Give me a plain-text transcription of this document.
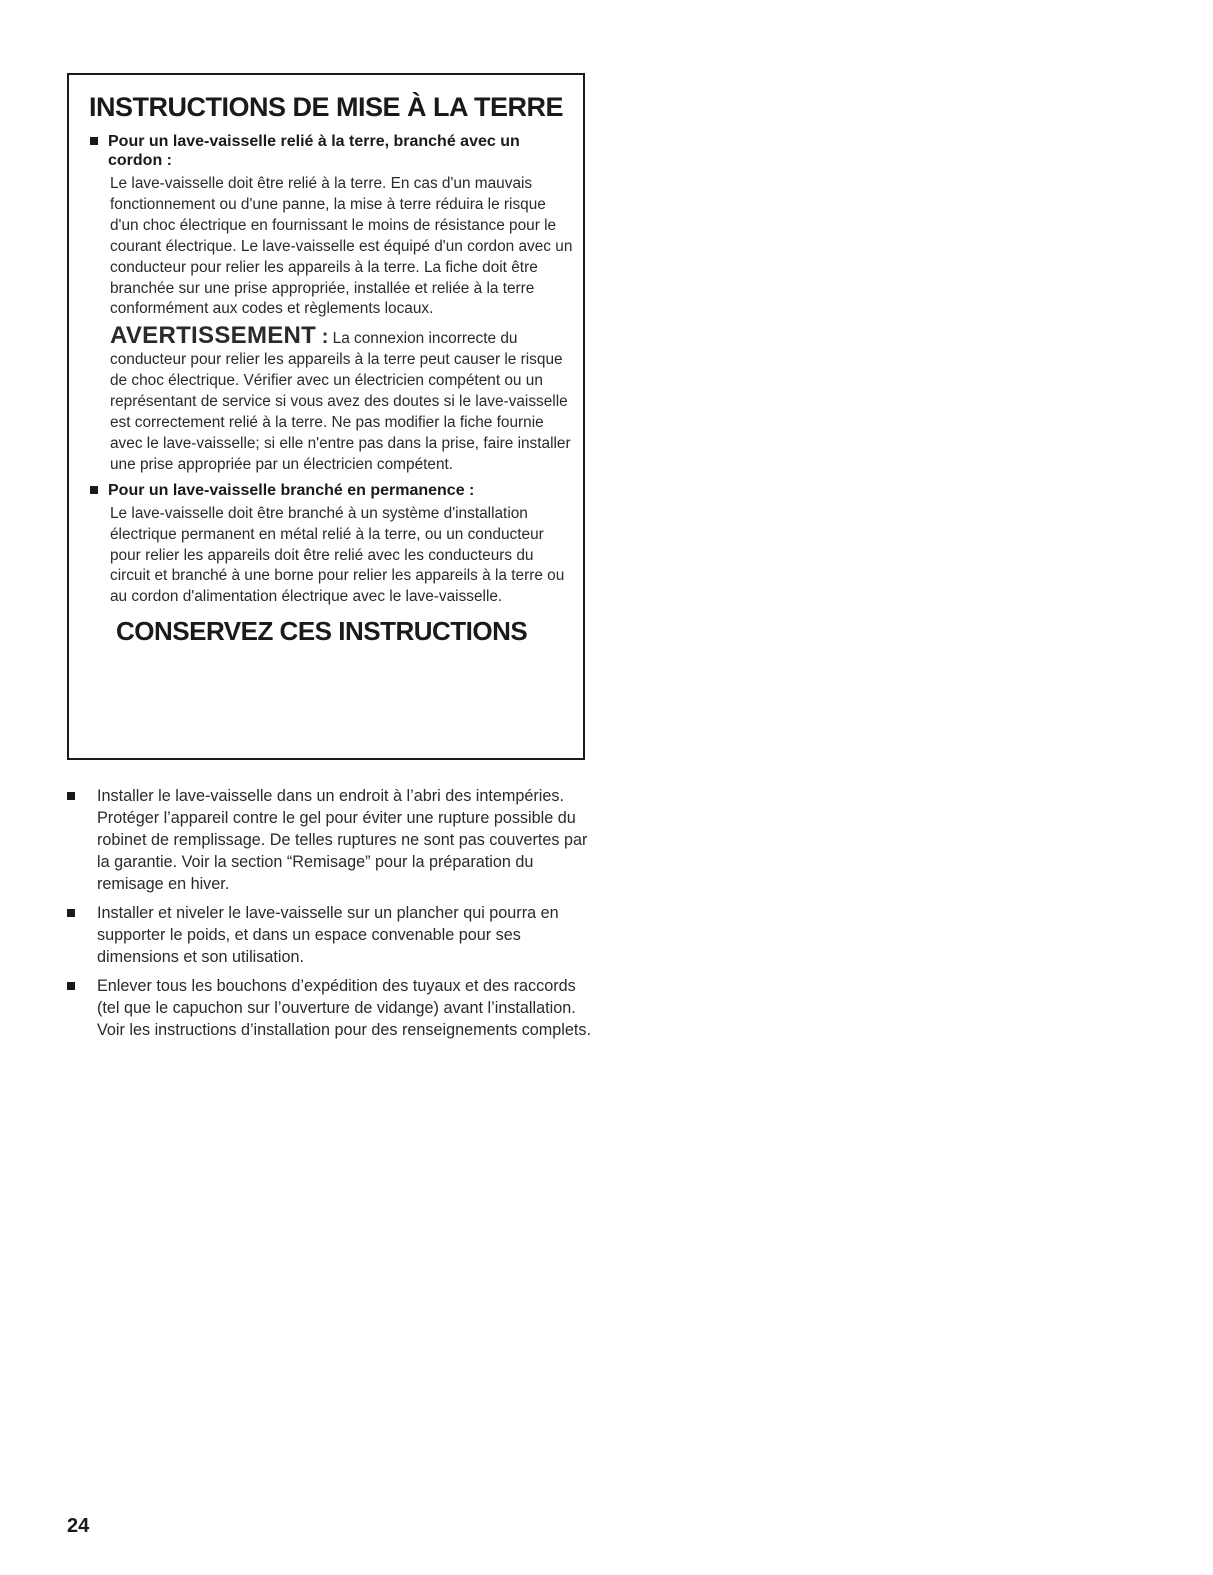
INSTRUCTIONS DE MISE À LA TERRE
Pour un lave-vaisselle relié à la terre, branché avec un cordon :
Le lave-vaisselle doit être relié à la terre. En cas d'un mauvais fonctionnement ou d'une panne, la mise à terre réduira le risque d'un choc électrique en fournissant le moins de résistance pour le courant électrique. Le lave-vaisselle est équipé d'un cordon avec un conducteur pour relier les appareils à la terre. La fiche doit être branchée sur une prise appropriée, installée et reliée à la terre conformément aux codes et règlements locaux.
AVERTISSEMENT : La connexion incorrecte du conducteur pour relier les appareils à la terre peut causer le risque de choc électrique. Vérifier avec un électricien compétent ou un représentant de service si vous avez des doutes si le lave-vaisselle est correctement relié à la terre. Ne pas modifier la fiche fournie avec le lave-vaisselle; si elle n'entre pas dans la prise, faire installer une prise appropriée par un électricien compétent.
Pour un lave-vaisselle branché en permanence :
Le lave-vaisselle doit être branché à un système d'installation électrique permanent en métal relié à la terre, ou un conducteur pour relier les appareils doit être relié avec les conducteurs du circuit et branché à une borne pour relier les appareils à la terre ou au cordon d'alimentation électrique avec le lave-vaisselle.
CONSERVEZ CES INSTRUCTIONS
Installer le lave-vaisselle dans un endroit à l’abri des intempéries. Protéger l’appareil contre le gel pour éviter une rupture possible du robinet de remplissage. De telles ruptures ne sont pas couvertes par la garantie. Voir la section “Remisage” pour la préparation du remisage en hiver.
Installer et niveler le lave-vaisselle sur un plancher qui pourra en supporter le poids, et dans un espace convenable pour ses dimensions et son utilisation.
Enlever tous les bouchons d’expédition des tuyaux et des raccords (tel que le capuchon sur l’ouverture de vidange) avant l’installation. Voir les instructions d’installation pour des renseignements complets.
24
